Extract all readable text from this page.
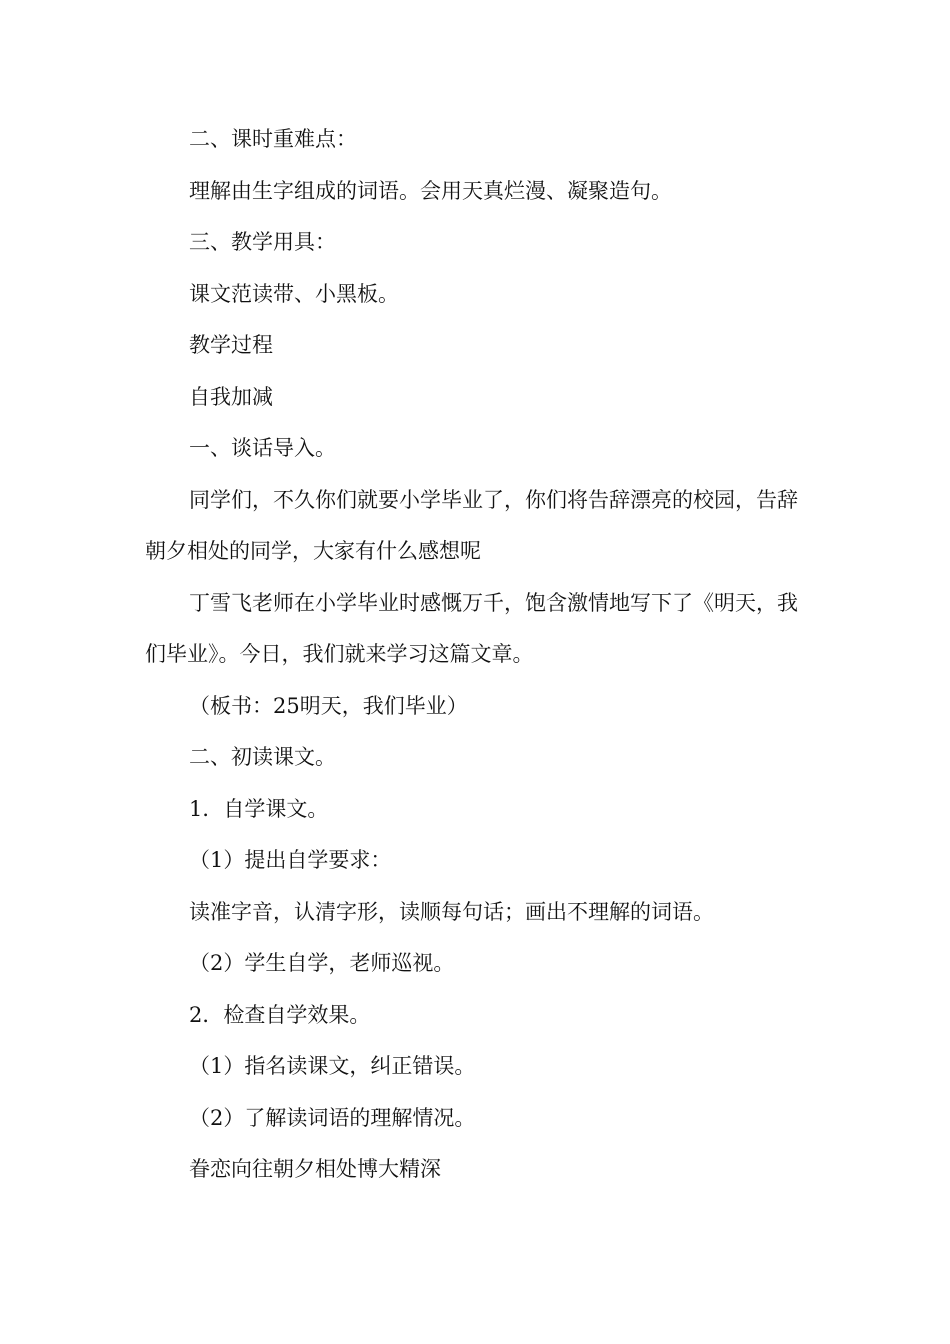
二、课时重难点：

理解由生字组成的词语。会用天真烂漫、凝聚造句。

三、教学用具：

课文范读带、小黑板。

教学过程

自我加减

一、谈话导入。

同学们，不久你们就要小学毕业了，你们将告辞漂亮的校园，告辞朝夕相处的同学，大家有什么感想呢

丁雪飞老师在小学毕业时感慨万千，饱含激情地写下了《明天，我们毕业》。今日，我们就来学习这篇文章。

（板书：25明天，我们毕业）

二、初读课文。

1．自学课文。

（1）提出自学要求：

读准字音，认清字形，读顺每句话；画出不理解的词语。

（2）学生自学，老师巡视。

2．检查自学效果。

（1）指名读课文，纠正错误。

（2）了解读词语的理解情况。

眷恋向往朝夕相处博大精深
